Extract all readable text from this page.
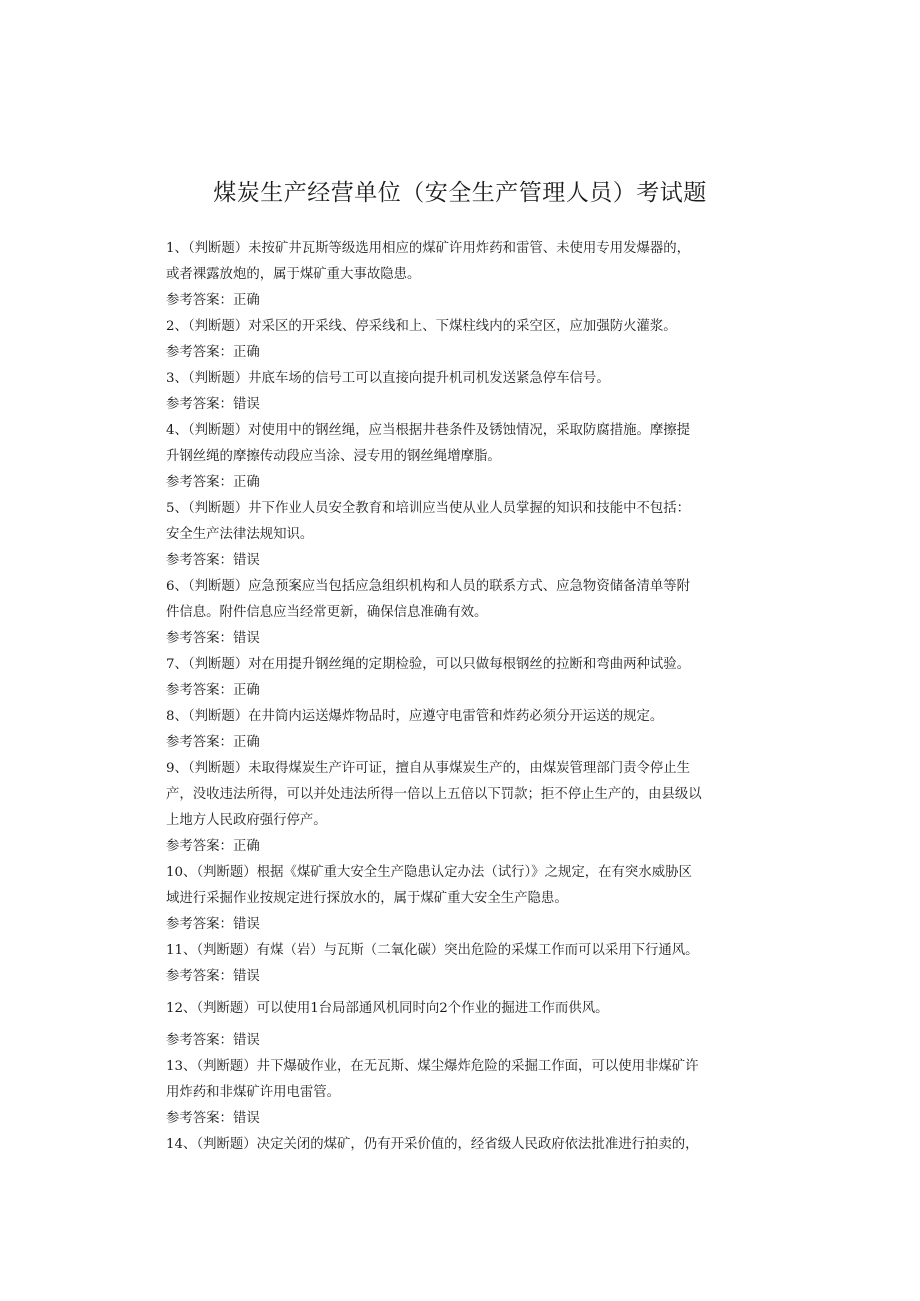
煤炭生产经营单位（安全生产管理人员）考试题
1、（判断题）未按矿井瓦斯等级选用相应的煤矿许用炸药和雷管、未使用专用发爆器的，
或者裸露放炮的，属于煤矿重大事故隐患。
参考答案：正确
2、（判断题）对采区的开采线、停采线和上、下煤柱线内的采空区，应加强防火灌浆。
参考答案：正确
3、（判断题）井底车场的信号工可以直接向提升机司机发送紧急停车信号。
参考答案：错误
4、（判断题）对使用中的钢丝绳，应当根据井巷条件及锈蚀情况，采取防腐措施。摩擦提
升钢丝绳的摩擦传动段应当涂、浸专用的钢丝绳增摩脂。
参考答案：正确
5、（判断题）井下作业人员安全教育和培训应当使从业人员掌握的知识和技能中不包括：
安全生产法律法规知识。
参考答案：错误
6、（判断题）应急预案应当包括应急组织机构和人员的联系方式、应急物资储备清单等附
件信息。附件信息应当经常更新，确保信息准确有效。
参考答案：错误
7、（判断题）对在用提升钢丝绳的定期检验，可以只做每根钢丝的拉断和弯曲两种试验。
参考答案：正确
8、（判断题）在井筒内运送爆炸物品时，应遵守电雷管和炸药必须分开运送的规定。
参考答案：正确
9、（判断题）未取得煤炭生产许可证，擅自从事煤炭生产的，由煤炭管理部门责令停止生
产，没收违法所得，可以并处违法所得一倍以上五倍以下罚款；拒不停止生产的，由县级以
上地方人民政府强行停产。
参考答案：正确
10、（判断题）根据《煤矿重大安全生产隐患认定办法（试行）》之规定，在有突水威胁区
域进行采掘作业按规定进行探放水的，属于煤矿重大安全生产隐患。
参考答案：错误
11、（判断题）有煤（岩）与瓦斯（二氧化碳）突出危险的采煤工作而可以采用下行通风。
参考答案：错误
12、（判断题）可以使用1台局部通风机同时向2个作业的掘进工作而供风。
参考答案：错误
13、（判断题）井下爆破作业，在无瓦斯、煤尘爆炸危险的采掘工作面，可以使用非煤矿许
用炸药和非煤矿许用电雷管。
参考答案：错误
14、（判断题）决定关闭的煤矿，仍有开采价值的，经省级人民政府依法批准进行拍卖的，
